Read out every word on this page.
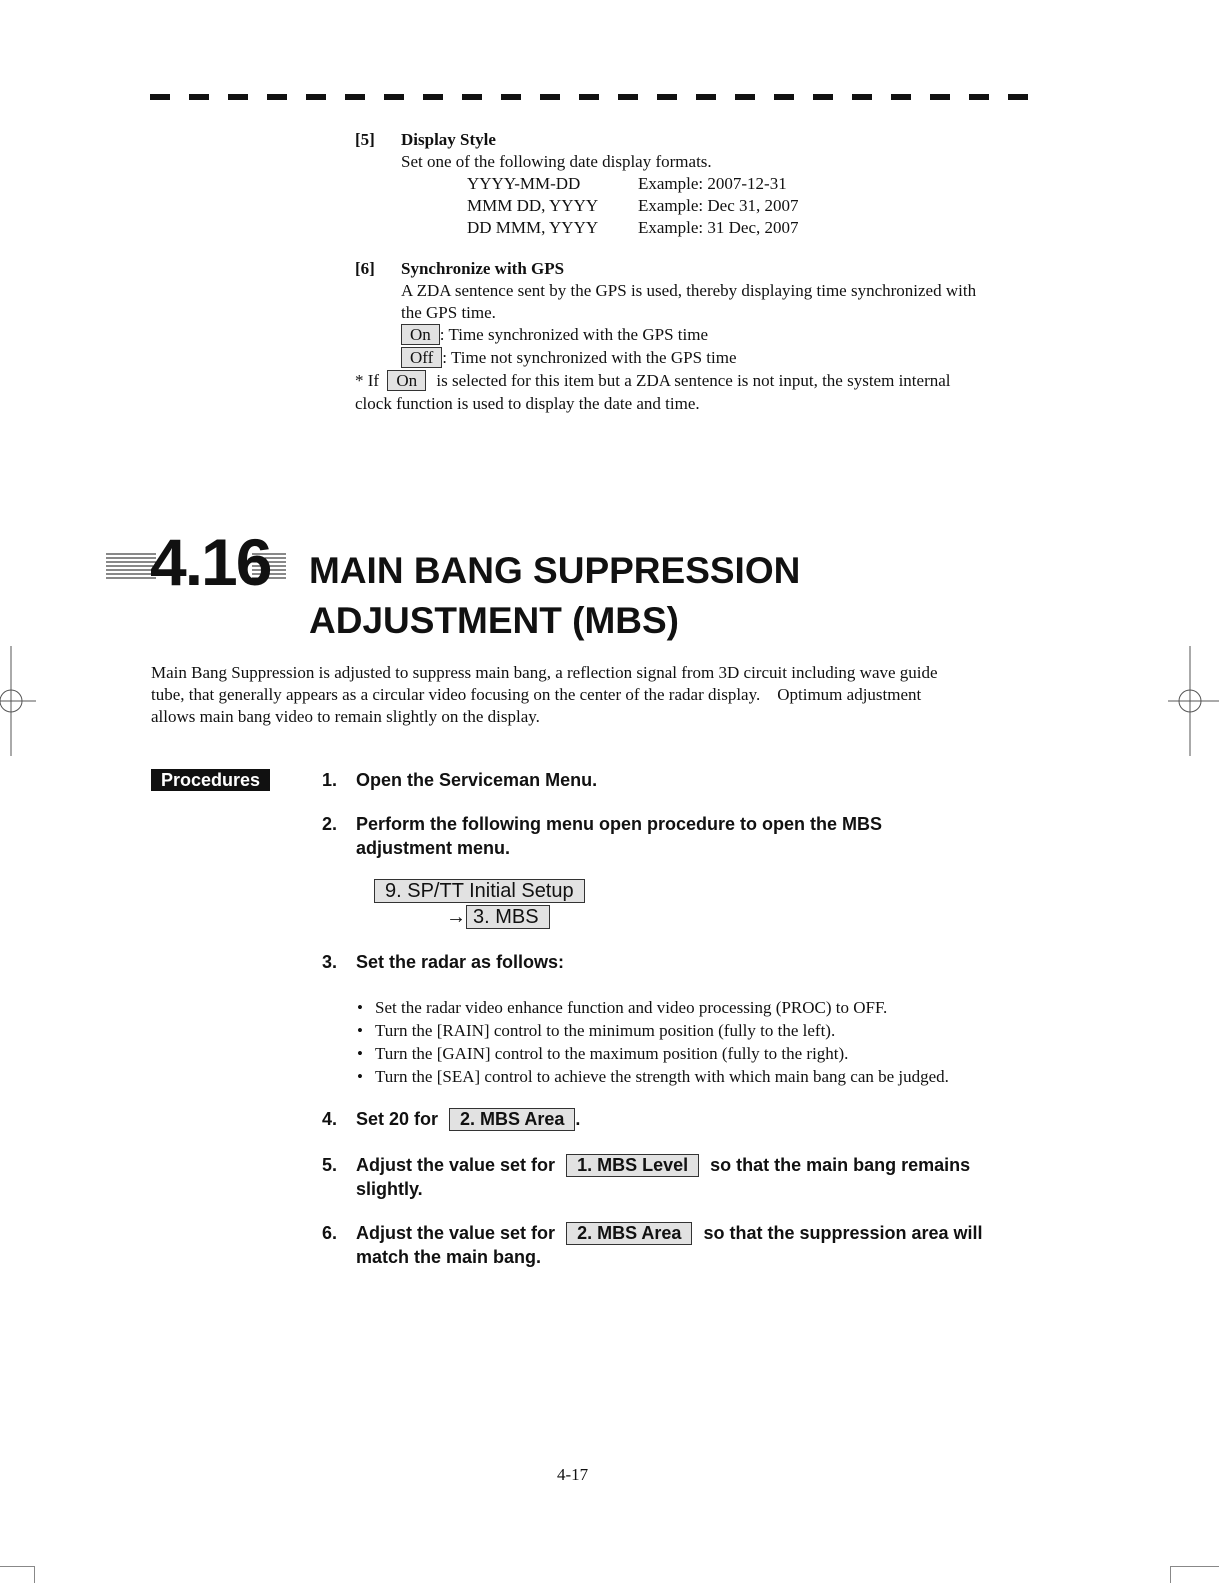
[5] Display Style
Set one of the following date display formats.
YYYY-MM-DD	Example: 2007-12-31
MMM DD, YYYY Example: Dec 31, 2007
DD MMM, YYYY Example: 31 Dec, 2007
[6] Synchronize with GPS
A ZDA sentence sent by the GPS is used, thereby displaying time synchronized with
the GPS time.
On : Time synchronized with the GPS time
Off : Time not synchronized with the GPS time
* If On is selected for this item but a ZDA sentence is not input, the system internal
clock function is used to display the date and time.
4.16 MAIN BANG SUPPRESSION
ADJUSTMENT (MBS)
Main Bang Suppression is adjusted to suppress main bang, a reflection signal from 3D circuit including wave guide
tube, that generally appears as a circular video focusing on the center of the radar display.    Optimum adjustment
allows main bang video to remain slightly on the display.
Procedures	1. Open the Serviceman Menu.
2. Perform the following menu open procedure to open the MBS
adjustment menu.
9. SP/TT Initial Setup
→ 3. MBS
3. Set the radar as follows:
• Set the radar video enhance function and video processing (PROC) to OFF.
• Turn the [RAIN] control to the minimum position (fully to the left).
• Turn the [GAIN] control to the maximum position (fully to the right).
• Turn the [SEA] control to achieve the strength with which main bang can be judged.
4. Set 20 for 2. MBS Area .
5. Adjust the value set for 1. MBS Level so that the main bang remains
slightly.
6. Adjust the value set for 2. MBS Area so that the suppression area will
match the main bang.
4-17
